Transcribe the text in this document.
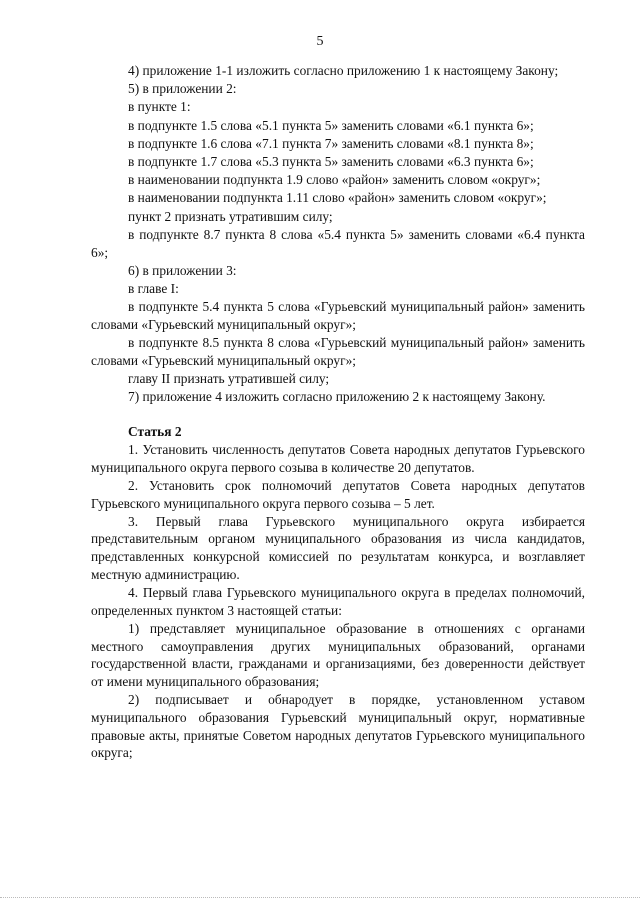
5

4) приложение 1-1 изложить согласно приложению 1 к настоящему Закону;

5) в приложении 2:

в пункте 1:

в подпункте 1.5 слова «5.1 пункта 5» заменить словами «6.1 пункта 6»;

в подпункте 1.6 слова «7.1 пункта 7» заменить словами «8.1 пункта 8»;

в подпункте 1.7 слова «5.3 пункта 5» заменить словами «6.3 пункта 6»;

в наименовании подпункта 1.9 слово «район» заменить словом «округ»;

в наименовании подпункта 1.11 слово «район» заменить словом «округ»;

пункт 2 признать утратившим силу;

в подпункте 8.7 пункта 8 слова «5.4 пункта 5» заменить словами «6.4 пункта 6»;

6) в приложении 3:

в главе I:

в подпункте 5.4 пункта 5 слова «Гурьевский муниципальный район» заменить словами «Гурьевский муниципальный округ»;

в подпункте 8.5 пункта 8 слова «Гурьевский муниципальный район» заменить словами «Гурьевский муниципальный округ»;

главу II признать утратившей силу;

7) приложение 4 изложить согласно приложению 2 к настоящему Закону.

Статья 2

1. Установить численность депутатов Совета народных депутатов Гурьевского муниципального округа первого созыва в количестве 20 депутатов.

2. Установить срок полномочий депутатов Совета народных депутатов Гурьевского муниципального округа первого созыва – 5 лет.

3. Первый глава Гурьевского муниципального округа избирается представительным органом муниципального образования из числа кандидатов, представленных конкурсной комиссией по результатам конкурса, и возглавляет местную администрацию.

4. Первый глава Гурьевского муниципального округа в пределах полномочий, определенных пунктом 3 настоящей статьи:

1) представляет муниципальное образование в отношениях с органами местного самоуправления других муниципальных образований, органами государственной власти, гражданами и организациями, без доверенности действует от имени муниципального образования;

2) подписывает и обнародует в порядке, установленном уставом муниципального образования Гурьевский муниципальный округ, нормативные правовые акты, принятые Советом народных депутатов Гурьевского муниципального округа;
